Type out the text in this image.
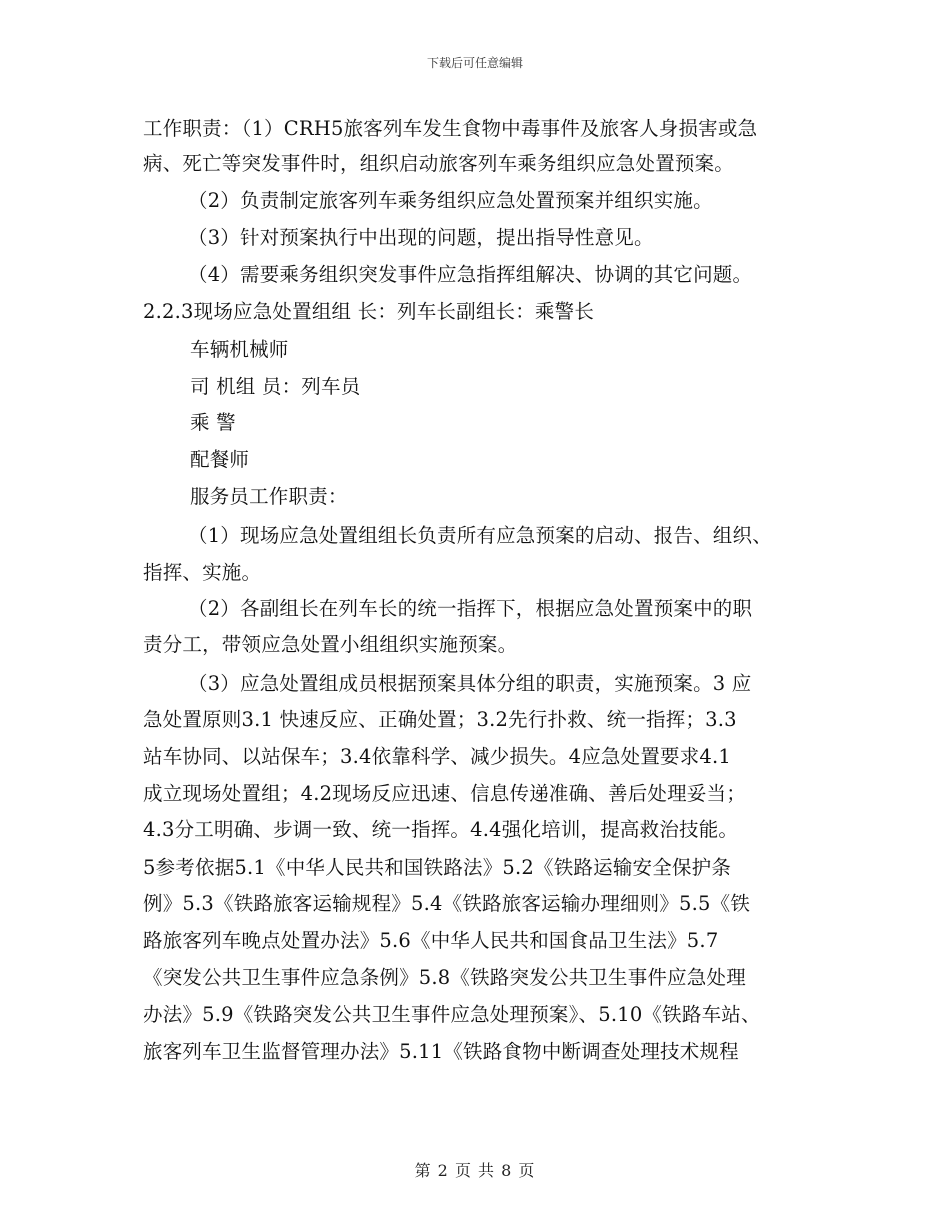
下载后可任意编辑
工作职责：（1）CRH5旅客列车发生食物中毒事件及旅客人身损害或急
病、死亡等突发事件时，组织启动旅客列车乘务组织应急处置预案。
（2）负责制定旅客列车乘务组织应急处置预案并组织实施。
（3）针对预案执行中出现的问题，提出指导性意见。
（4）需要乘务组织突发事件应急指挥组解决、协调的其它问题。
2.2.3现场应急处置组组 长：列车长副组长：乘警长
车辆机械师
司 机组 员：列车员
乘 警
配餐师
服务员工作职责：
（1）现场应急处置组组长负责所有应急预案的启动、报告、组织、
指挥、实施。
（2）各副组长在列车长的统一指挥下，根据应急处置预案中的职
责分工，带领应急处置小组组织实施预案。
（3）应急处置组成员根据预案具体分组的职责，实施预案。3 应
急处置原则3.1 快速反应、正确处置；3.2先行扑救、统一指挥；3.3
站车协同、以站保车；3.4依靠科学、减少损失。4应急处置要求4.1
成立现场处置组；4.2现场反应迅速、信息传递准确、善后处理妥当；
4.3分工明确、步调一致、统一指挥。4.4强化培训，提高救治技能。
5参考依据5.1《中华人民共和国铁路法》5.2《铁路运输安全保护条
例》5.3《铁路旅客运输规程》5.4《铁路旅客运输办理细则》5.5《铁
路旅客列车晚点处置办法》5.6《中华人民共和国食品卫生法》5.7
《突发公共卫生事件应急条例》5.8《铁路突发公共卫生事件应急处理
办法》5.9《铁路突发公共卫生事件应急处理预案》、5.10《铁路车站、
旅客列车卫生监督管理办法》5.11《铁路食物中断调查处理技术规程
第 2 页 共 8 页
